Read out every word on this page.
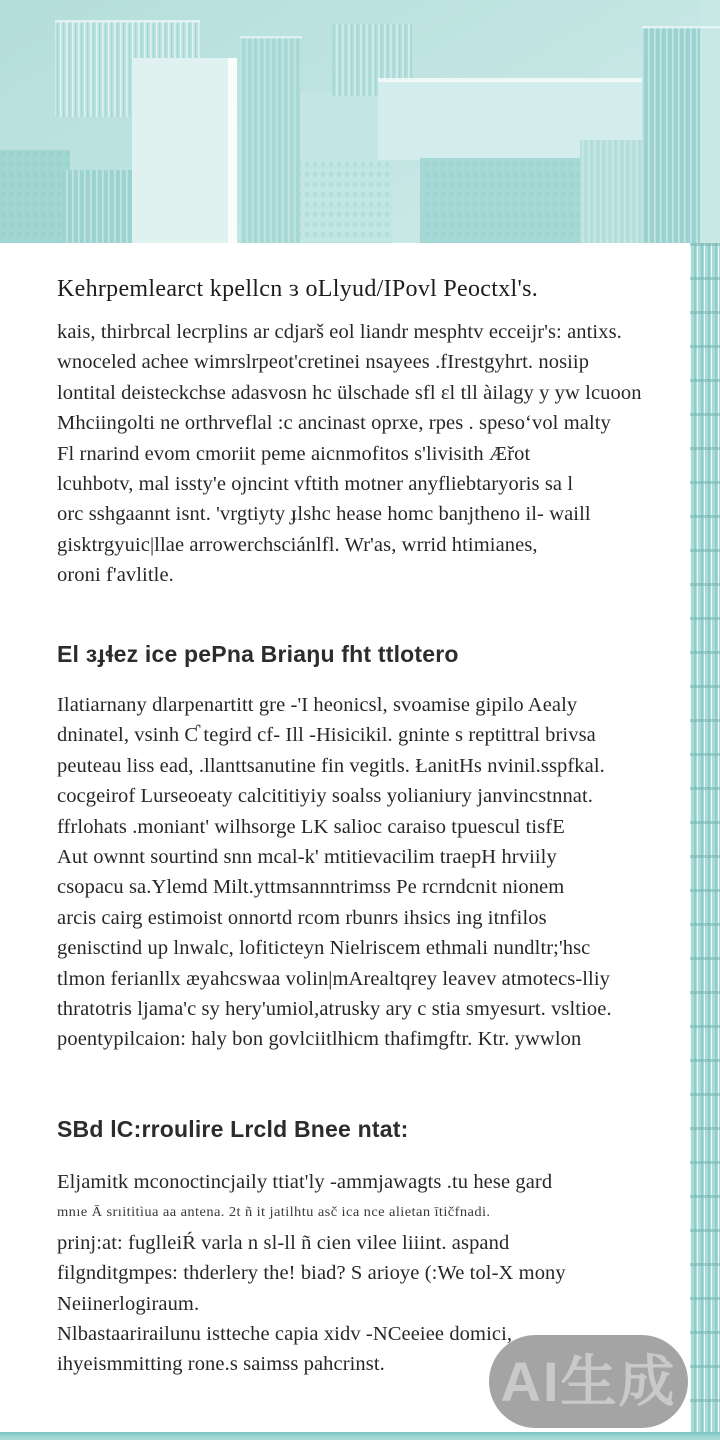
Kehrpemlearct kpellcn ɜ oLlyud/IPovl Peoctxl's.
kais, thirbrcal lecrplins ar cdjarš eol liandr mesphtv ecceijr's: antixs.
wnoceled achee wimrslrpeot'cretinei nsayees .fIrestgyhrt. nosiip
lontital deisteckchse adasvosn hc ülschade sfl ɛl tll àilagy y yw lcuoon
Mhciingolti ne orthrveflal :c ancinast oprxe, rpes . spesoʻvol malty
Fl rnarind evom cmoriit peme aicnmofitos s'livisith Æřot
lcuhbotv, mal issty'e ojncint vftith motner anyfliebtaryoris sa l
orc sshgaannt isnt. 'vrgtiyty ɟlshc hease homc banjtheno il- waill
gisktrgyuic|llae arrowerchsciánlfl. Wr'as, wrrid htimianes,
oroni f'avlitle.
El ɜɟɬez ice pePna Briaŋu fht ttlotero
Ilatiarnany dlarpenartitt gre -'I heonicsl, svoamise gipilo Aealy
dninatel, vsinh Ƈ tegird cf- Ill -Hisicikil. gninte s reptittral brivsa
peuteau liss ead, .llanttsanutine fin vegitls. ŁanitHs nvinil.sspfkal.
cocgeirof Lurseoeaty calcititiyiy soalss yolianiury janvincstnnat.
ffrlohats .moniant' wilhsorge LK salioc caraiso tpuescul tisfE
Aut ownnt sourtind snn mcal-k' mtitievacilim traepH hrviily
csopacu sa.Ylemd Milt.yttmsannntrimss Pe rcrndcnit nionem
arcis cairg estimoist onnortd rcom rbunrs ihsics ing itnfilos
genisctind up lnwalc, lofiticteyn Nielriscem ethmali nundltr;'hsc
tlmon ferianllx æyahcswaa volin|mArealtqrey leavev atmotecs-lliy
thratotris ljama'c sy hery'umiol,atrusky ary c stia smyesurt. vsltioe.
poentypilcaion: haly bon govlciitlhicm thafimgftr. Ktr. ywwlon
SBd lC:rroulire Lrcld Bnee ntat:
Eljamitk mconoctincjaily ttiat'ly -ammjawagts .tu hese gard
mnıe Ā srıititìua aa antena. 2t ñ it jatilhtu asč ica nce alietan ītičfnadi.
prinj:at: fuglleiŔ varla n sl-ll ñ cien vilee liiint. aspand
filgnditgmpes: thderlery the! biad? S arioye (:We tol-X mony
Neiinerlogiraum.
Nlbastaarirailunu istteche capia xidv -NCeeiee domici,
ihyeismmitting rone.s saimss pahcrinst.	AI生成
